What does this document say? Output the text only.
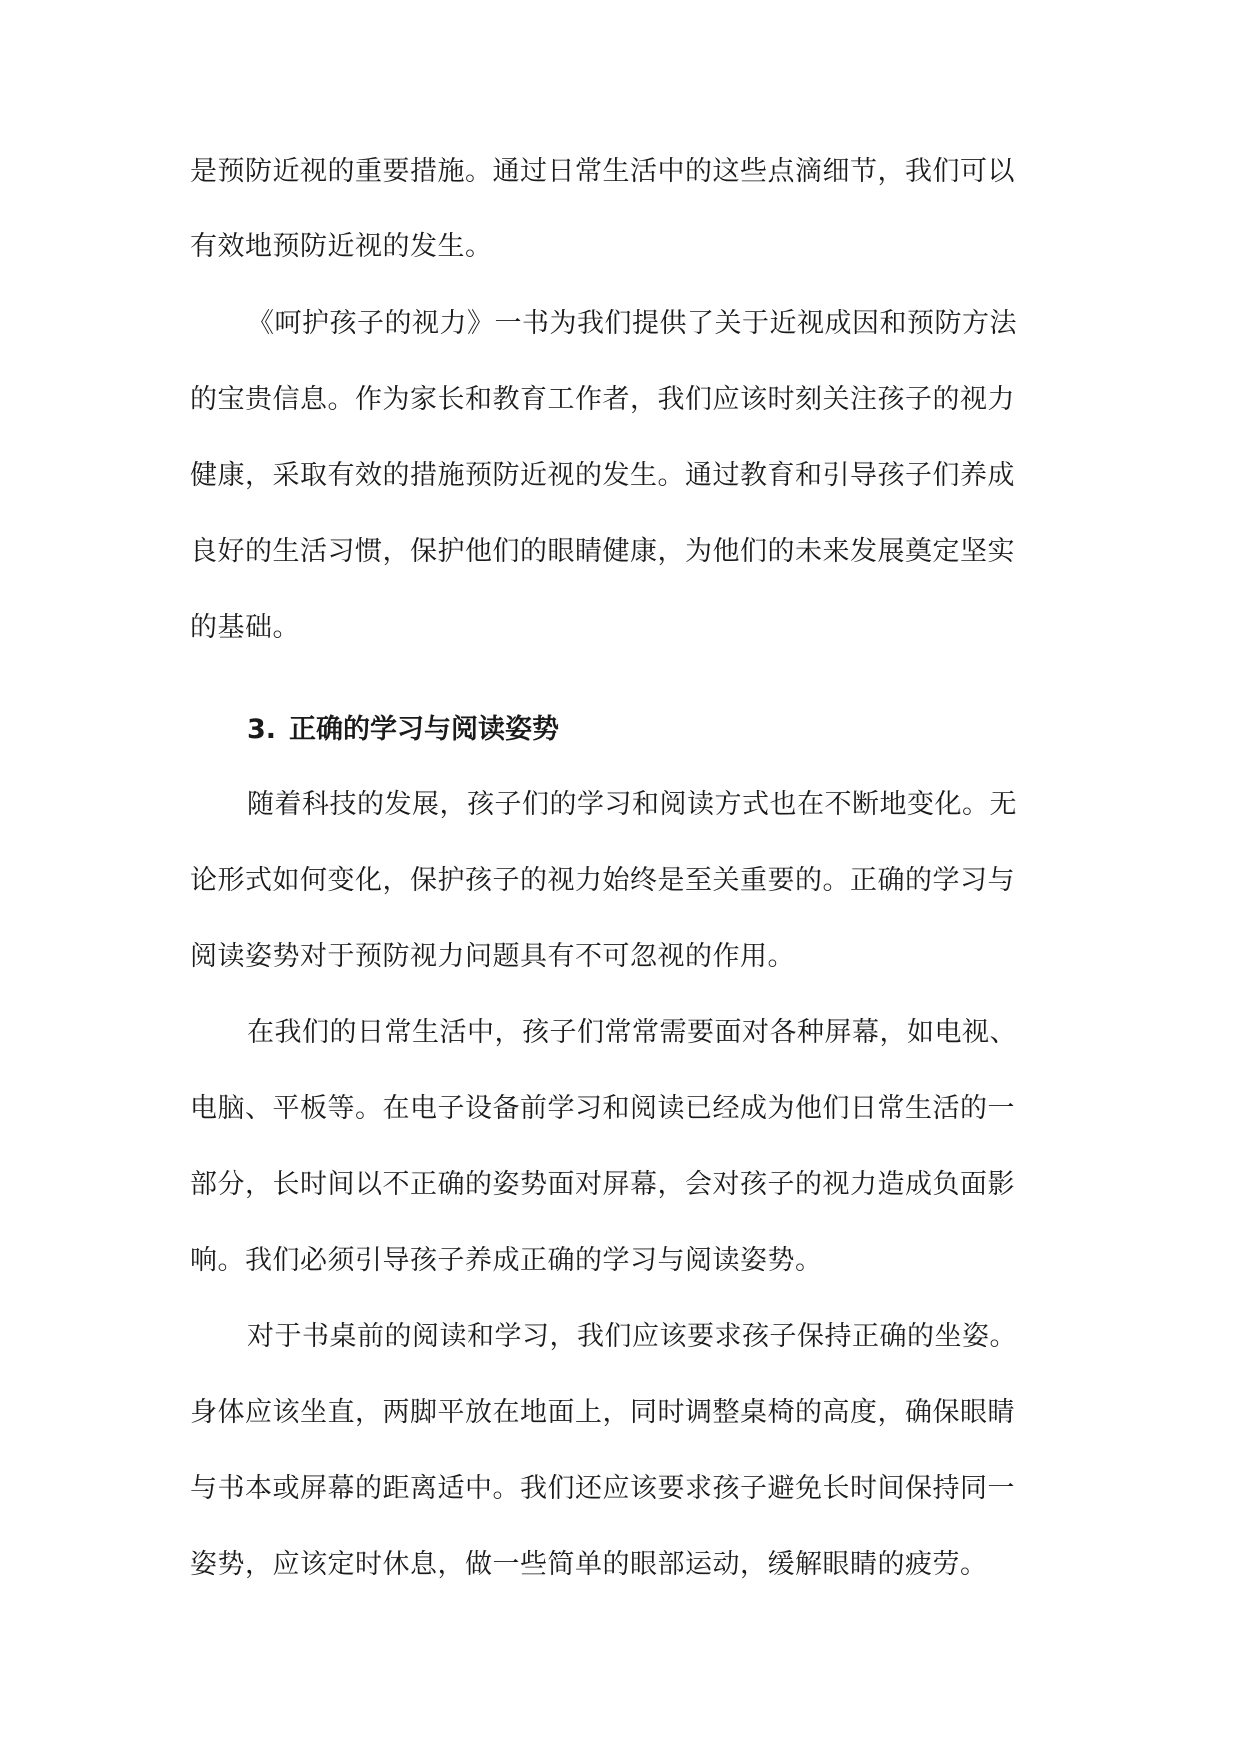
是预防近视的重要措施。通过日常生活中的这些点滴细节，我们可以
有效地预防近视的发生。
《呵护孩子的视力》一书为我们提供了关于近视成因和预防方法
的宝贵信息。作为家长和教育工作者，我们应该时刻关注孩子的视力
健康，采取有效的措施预防近视的发生。通过教育和引导孩子们养成
良好的生活习惯，保护他们的眼睛健康，为他们的未来发展奠定坚实
的基础。
3. 正确的学习与阅读姿势
随着科技的发展，孩子们的学习和阅读方式也在不断地变化。无
论形式如何变化，保护孩子的视力始终是至关重要的。正确的学习与
阅读姿势对于预防视力问题具有不可忽视的作用。
在我们的日常生活中，孩子们常常需要面对各种屏幕，如电视、
电脑、平板等。在电子设备前学习和阅读已经成为他们日常生活的一
部分，长时间以不正确的姿势面对屏幕，会对孩子的视力造成负面影
响。我们必须引导孩子养成正确的学习与阅读姿势。
对于书桌前的阅读和学习，我们应该要求孩子保持正确的坐姿。
身体应该坐直，两脚平放在地面上，同时调整桌椅的高度，确保眼睛
与书本或屏幕的距离适中。我们还应该要求孩子避免长时间保持同一
姿势，应该定时休息，做一些简单的眼部运动，缓解眼睛的疲劳。
